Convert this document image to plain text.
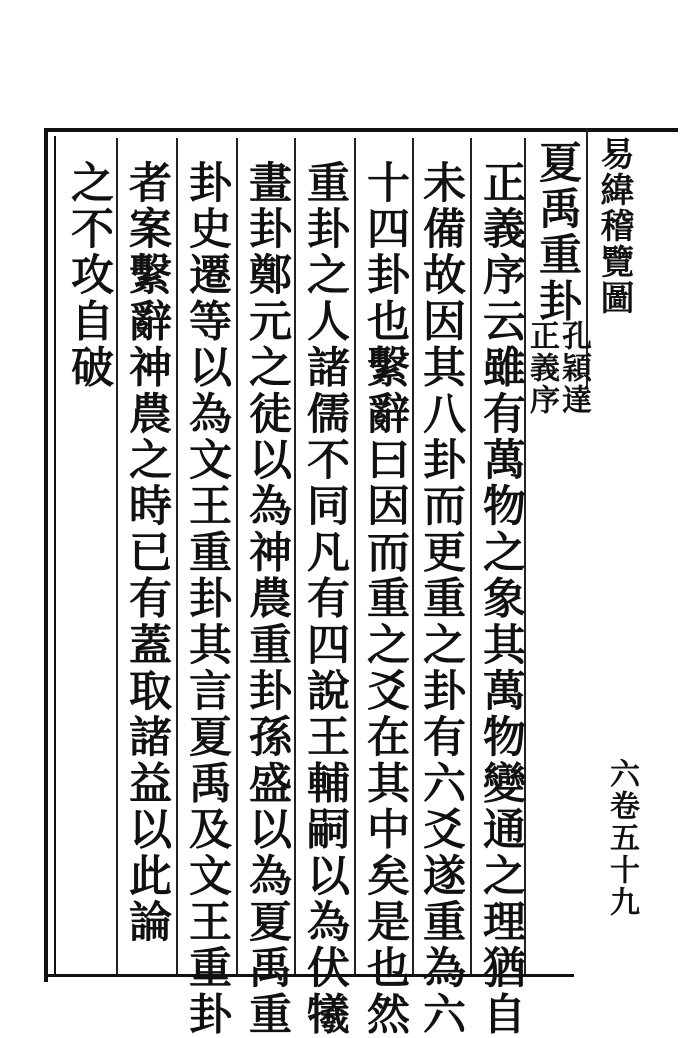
易緯稽覽圖
六卷五十九
夏禹重卦
孔穎達
正義序
正義序云雖有萬物之象其萬物變通之理猶自
未備故因其八卦而更重之卦有六爻遂重為六
十四卦也繫辭曰因而重之爻在其中矣是也然
重卦之人諸儒不同凡有四說王輔嗣以為伏犧
畫卦鄭元之徒以為神農重卦孫盛以為夏禹重
卦史遷等以為文王重卦其言夏禹及文王重卦
者案繫辭神農之時已有蓋取諸益以此論
之不攻自破
